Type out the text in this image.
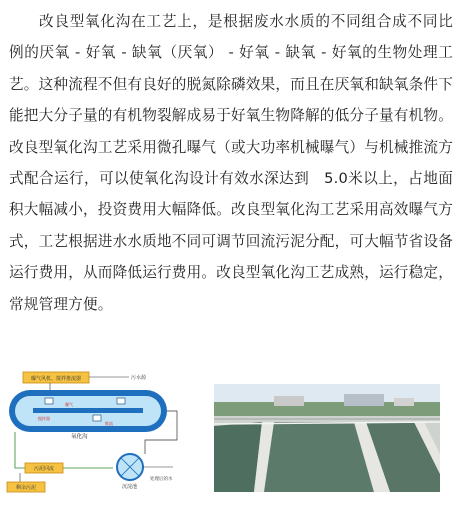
改良型氧化沟在工艺上，是根据废水水质的不同组合成不同比例的厌氧 - 好氧 - 缺氧（厌氧） - 好氧 - 缺氧 - 好氧的生物处理工艺。这种流程不但有良好的脱氮除磷效果，而且在厌氧和缺氧条件下能把大分子量的有机物裂解成易于好氧生物降解的低分子量有机物。改良型氧化沟工艺采用微孔曝气（或大功率机械曝气）与机械推流方式配合运行，可以使氧化沟设计有效水深达到　5.0米以上，占地面积大幅减小，投资费用大幅降低。改良型氧化沟工艺采用高效曝气方式，工艺根据进水水质地不同可调节回流污泥分配，可大幅节省设备运行费用，从而降低运行费用。改良型氧化沟工艺成熟，运行稳定，常规管理方便。

曝气风机、搅拌推流器	污水源
搅拌器
曝气
推流
氧化沟
污泥回流
沉淀池
处理后的水
剩余污泥
